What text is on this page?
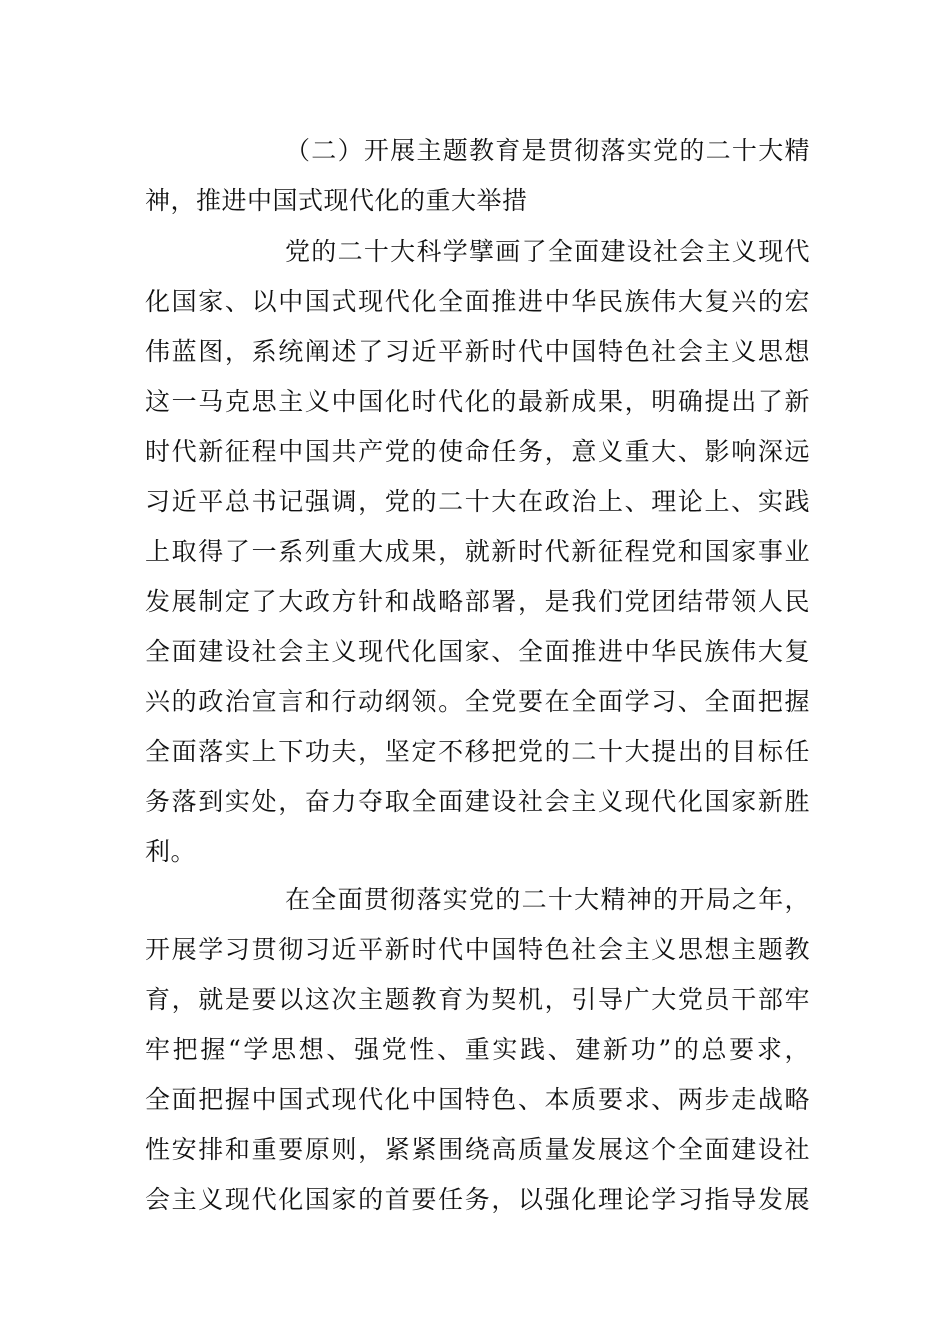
（二）开展主题教育是贯彻落实党的二十大精
神，推进中国式现代化的重大举措
党的二十大科学擘画了全面建设社会主义现代
化国家、以中国式现代化全面推进中华民族伟大复兴的宏
伟蓝图，系统阐述了习近平新时代中国特色社会主义思想
这一马克思主义中国化时代化的最新成果，明确提出了新
时代新征程中国共产党的使命任务，意义重大、影响深远
习近平总书记强调，党的二十大在政治上、理论上、实践
上取得了一系列重大成果，就新时代新征程党和国家事业
发展制定了大政方针和战略部署，是我们党团结带领人民
全面建设社会主义现代化国家、全面推进中华民族伟大复
兴的政治宣言和行动纲领。全党要在全面学习、全面把握
全面落实上下功夫，坚定不移把党的二十大提出的目标任
务落到实处，奋力夺取全面建设社会主义现代化国家新胜
利。
在全面贯彻落实党的二十大精神的开局之年，
开展学习贯彻习近平新时代中国特色社会主义思想主题教
育，就是要以这次主题教育为契机，引导广大党员干部牢
牢把握“学思想、强党性、重实践、建新功”的总要求，
全面把握中国式现代化中国特色、本质要求、两步走战略
性安排和重要原则，紧紧围绕高质量发展这个全面建设社
会主义现代化国家的首要任务，以强化理论学习指导发展
